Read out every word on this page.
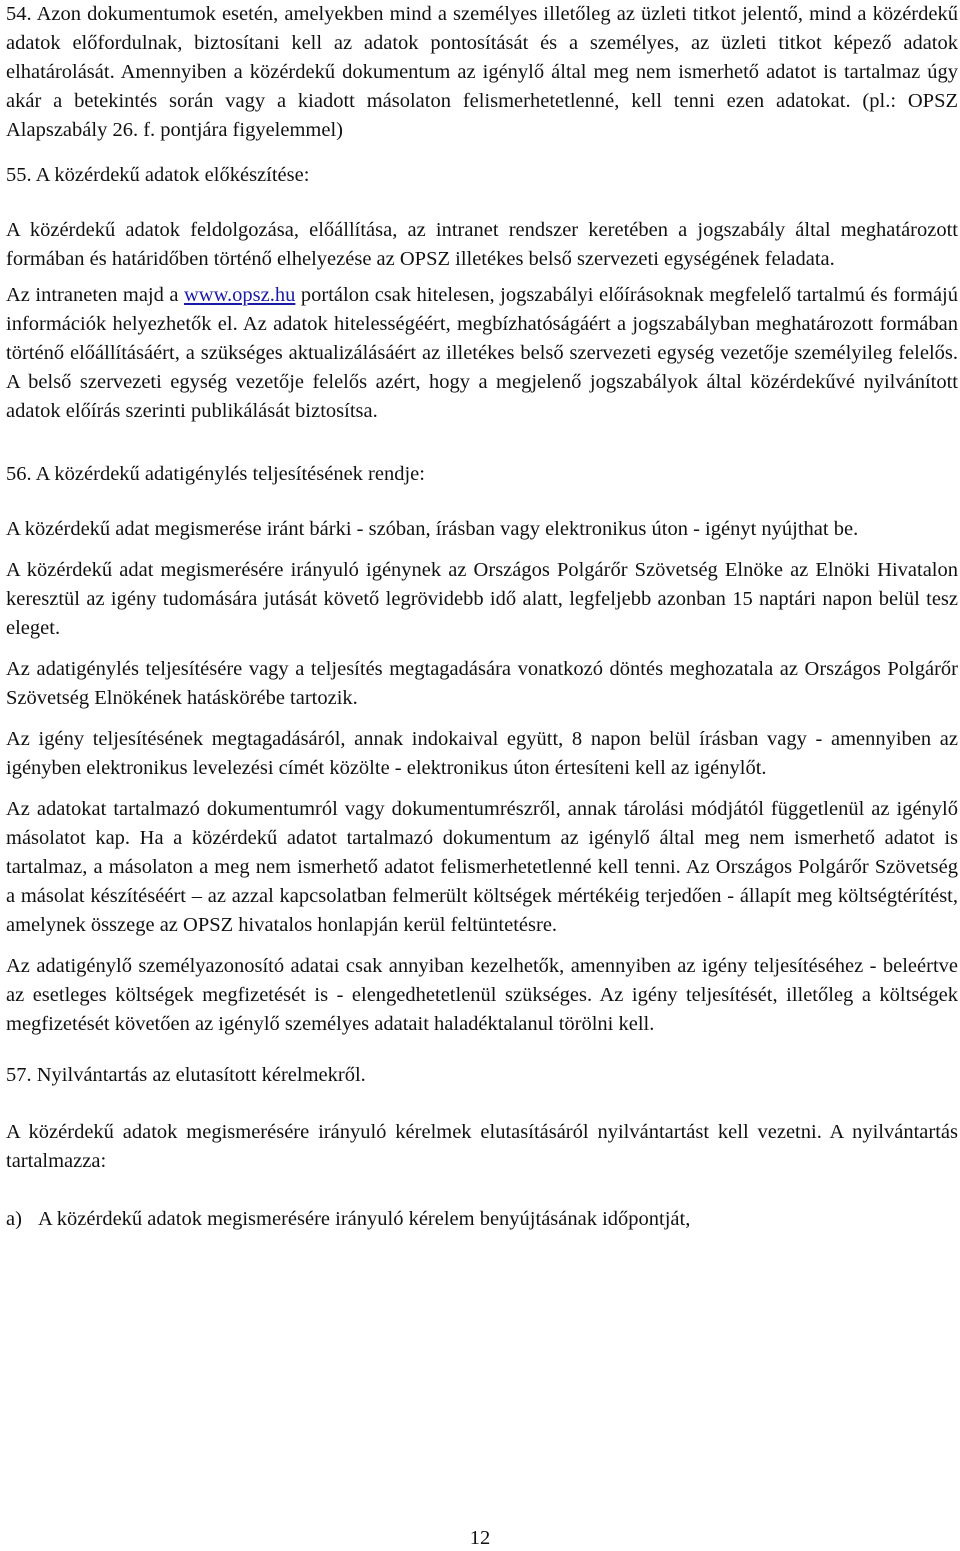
54. Azon dokumentumok esetén, amelyekben mind a személyes illetőleg az üzleti titkot jelentő, mind a közérdekű adatok előfordulnak, biztosítani kell az adatok pontosítását és a személyes, az üzleti titkot képező adatok elhatárolását. Amennyiben a közérdekű dokumentum az igénylő által meg nem ismerhető adatot is tartalmaz úgy akár a betekintés során vagy a kiadott másolaton felismerhetetlenné, kell tenni ezen adatokat. (pl.: OPSZ Alapszabály 26. f. pontjára figyelemmel)

55. A közérdekű adatok előkészítése:

A közérdekű adatok feldolgozása, előállítása, az intranet rendszer keretében a jogszabály által meghatározott formában és határidőben történő elhelyezése az OPSZ illetékes belső szervezeti egységének feladata.

Az intraneten majd a www.opsz.hu portálon csak hitelesen, jogszabályi előírásoknak megfelelő tartalmú és formájú információk helyezhetők el. Az adatok hitelességéért, megbízhatóságáért a jogszabályban meghatározott formában történő előállításáért, a szükséges aktualizálásáért az illetékes belső szervezeti egység vezetője személyileg felelős. A belső szervezeti egység vezetője felelős azért, hogy a megjelenő jogszabályok által közérdekűvé nyilvánított adatok előírás szerinti publikálását biztosítsa.

56. A közérdekű adatigénylés teljesítésének rendje:

A közérdekű adat megismerése iránt bárki - szóban, írásban vagy elektronikus úton - igényt nyújthat be.

A közérdekű adat megismerésére irányuló igénynek az Országos Polgárőr Szövetség Elnöke az Elnöki Hivatalon keresztül az igény tudomására jutását követő legrövidebb idő alatt, legfeljebb azonban 15 naptári napon belül tesz eleget.

Az adatigénylés teljesítésére vagy a teljesítés megtagadására vonatkozó döntés meghozatala az Országos Polgárőr Szövetség Elnökének hatáskörébe tartozik.

Az igény teljesítésének megtagadásáról, annak indokaival együtt, 8 napon belül írásban vagy - amennyiben az igényben elektronikus levelezési címét közölte - elektronikus úton értesíteni kell az igénylőt.

Az adatokat tartalmazó dokumentumról vagy dokumentumrészről, annak tárolási módjától függetlenül az igénylő másolatot kap. Ha a közérdekű adatot tartalmazó dokumentum az igénylő által meg nem ismerhető adatot is tartalmaz, a másolaton a meg nem ismerhető adatot felismerhetetlenné kell tenni. Az Országos Polgárőr Szövetség a másolat készítéséért – az azzal kapcsolatban felmerült költségek mértékéig terjedően - állapít meg költségtérítést, amelynek összege az OPSZ hivatalos honlapján kerül feltüntetésre.

Az adatigénylő személyazonosító adatai csak annyiban kezelhetők, amennyiben az igény teljesítéséhez - beleértve az esetleges költségek megfizetését is - elengedhetetlenül szükséges. Az igény teljesítését, illetőleg a költségek megfizetését követően az igénylő személyes adatait haladéktalanul törölni kell.

57. Nyilvántartás az elutasított kérelmekről.

A közérdekű adatok megismerésére irányuló kérelmek elutasításáról nyilvántartást kell vezetni. A nyilvántartás tartalmazza:

a) A közérdekű adatok megismerésére irányuló kérelem benyújtásának időpontját,

12
